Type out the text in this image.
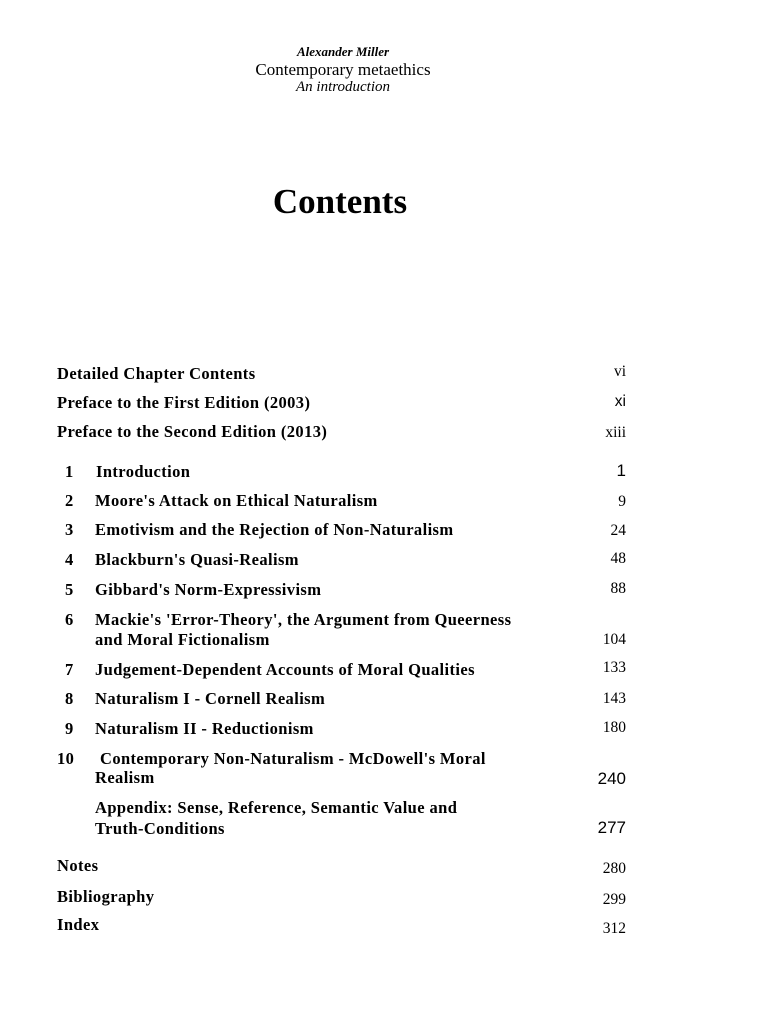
Alexander Miller
Contemporary metaethics
An introduction
Contents
Detailed Chapter Contents	vi
Preface to the First Edition (2003)	xi
Preface to the Second Edition (2013)	xiii
1 Introduction	1
2 Moore's Attack on Ethical Naturalism	9
3 Emotivism and the Rejection of Non-Naturalism	24
4 Blackburn's Quasi-Realism	48
5 Gibbard's Norm-Expressivism	88
6 Mackie's 'Error-Theory', the Argument from Queerness
and Moral Fictionalism	104
7 Judgement-Dependent Accounts of Moral Qualities	133
8 Naturalism I - Cornell Realism	143
9 Naturalism II - Reductionism	180
10 Contemporary Non-Naturalism - McDowell's Moral
Realism	240
Appendix: Sense, Reference, Semantic Value and
Truth-Conditions	277
Notes	280
Bibliography	299
Index	312
